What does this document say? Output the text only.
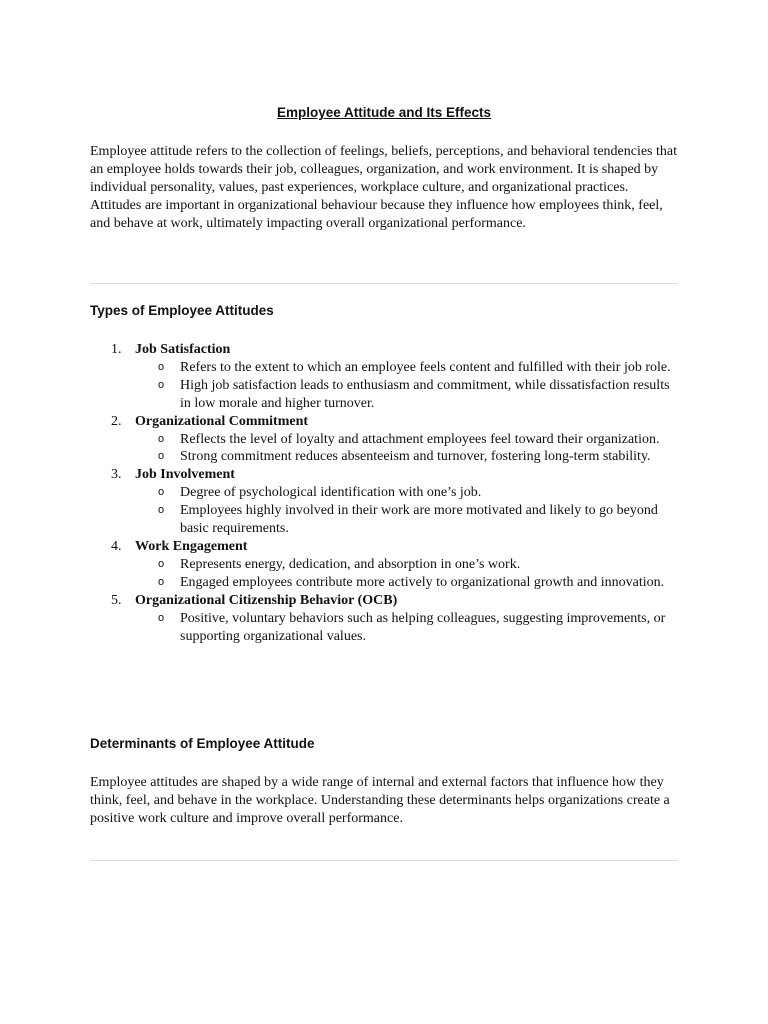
Employee Attitude and Its Effects

Employee attitude refers to the collection of feelings, beliefs, perceptions, and behavioral tendencies that an employee holds towards their job, colleagues, organization, and work environment. It is shaped by individual personality, values, past experiences, workplace culture, and organizational practices. Attitudes are important in organizational behaviour because they influence how employees think, feel, and behave at work, ultimately impacting overall organizational performance.

Types of Employee Attitudes
1. Job Satisfaction
o Refers to the extent to which an employee feels content and fulfilled with their job role.
o High job satisfaction leads to enthusiasm and commitment, while dissatisfaction results in low morale and higher turnover.
2. Organizational Commitment
o Reflects the level of loyalty and attachment employees feel toward their organization.
o Strong commitment reduces absenteeism and turnover, fostering long-term stability.
3. Job Involvement
o Degree of psychological identification with one’s job.
o Employees highly involved in their work are more motivated and likely to go beyond basic requirements.
4. Work Engagement
o Represents energy, dedication, and absorption in one’s work.
o Engaged employees contribute more actively to organizational growth and innovation.
5. Organizational Citizenship Behavior (OCB)
o Positive, voluntary behaviors such as helping colleagues, suggesting improvements, or supporting organizational values.
Determinants of Employee Attitude

Employee attitudes are shaped by a wide range of internal and external factors that influence how they think, feel, and behave in the workplace. Understanding these determinants helps organizations create a positive work culture and improve overall performance.
